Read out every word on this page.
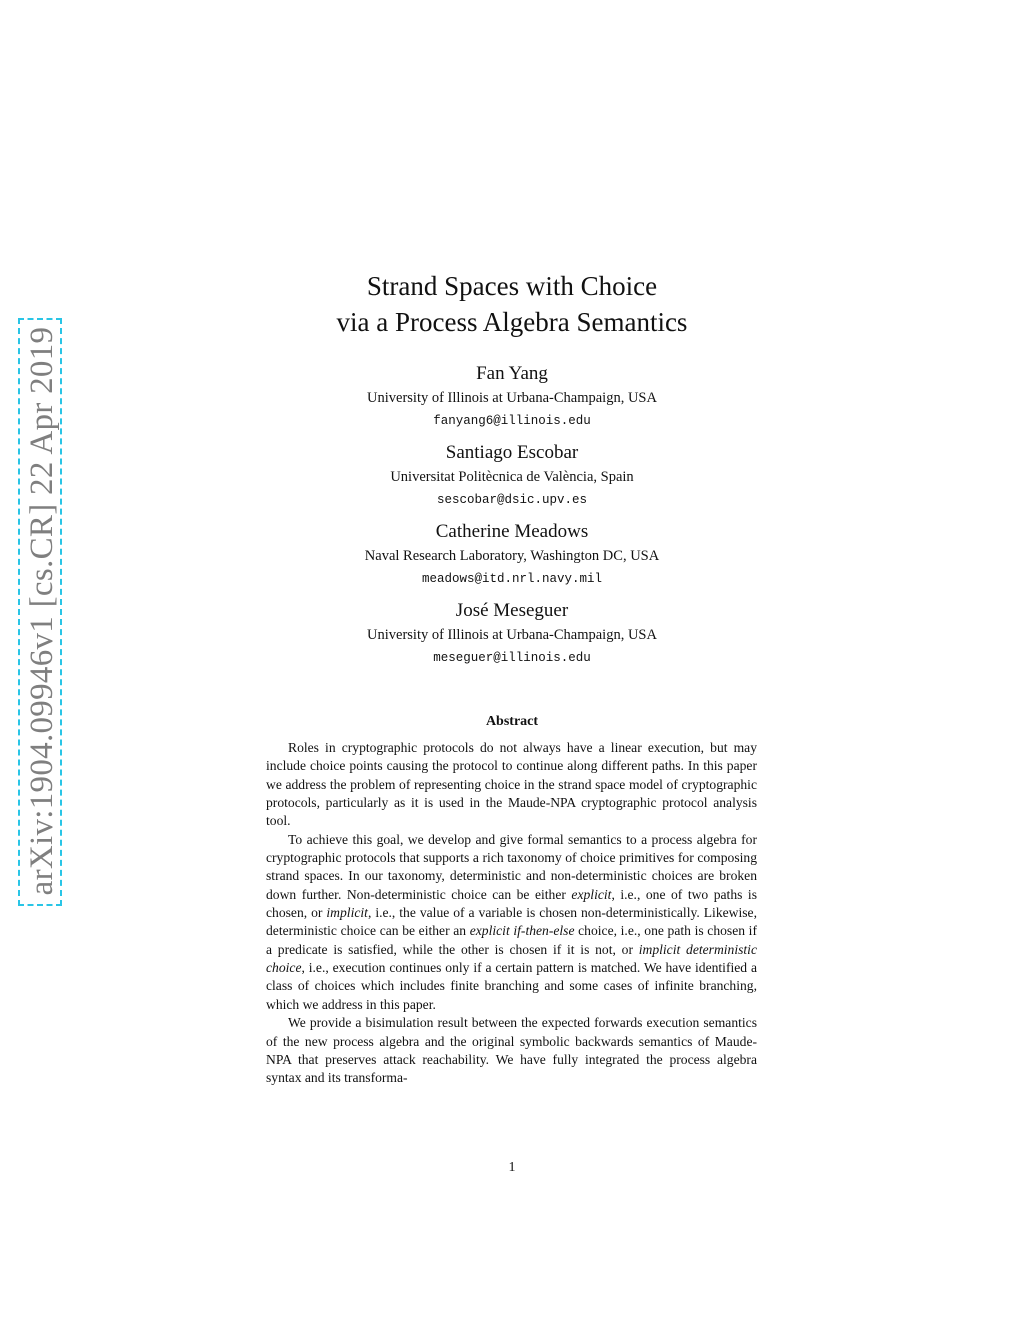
arXiv:1904.09946v1 [cs.CR] 22 Apr 2019
Strand Spaces with Choice
via a Process Algebra Semantics
Fan Yang
University of Illinois at Urbana-Champaign, USA
fanyang6@illinois.edu
Santiago Escobar
Universitat Politècnica de València, Spain
sescobar@dsic.upv.es
Catherine Meadows
Naval Research Laboratory, Washington DC, USA
meadows@itd.nrl.navy.mil
José Meseguer
University of Illinois at Urbana-Champaign, USA
meseguer@illinois.edu
Abstract

Roles in cryptographic protocols do not always have a linear execution, but may include choice points causing the protocol to continue along different paths. In this paper we address the problem of representing choice in the strand space model of cryptographic protocols, particularly as it is used in the Maude-NPA cryptographic protocol analysis tool.

To achieve this goal, we develop and give formal semantics to a process algebra for cryptographic protocols that supports a rich taxonomy of choice primitives for composing strand spaces. In our taxonomy, deterministic and non-deterministic choices are broken down further. Non-deterministic choice can be either explicit, i.e., one of two paths is chosen, or implicit, i.e., the value of a variable is chosen non-deterministically. Likewise, deterministic choice can be either an explicit if-then-else choice, i.e., one path is chosen if a predicate is satisfied, while the other is chosen if it is not, or implicit deterministic choice, i.e., execution continues only if a certain pattern is matched. We have identified a class of choices which includes finite branching and some cases of infinite branching, which we address in this paper.

We provide a bisimulation result between the expected forwards execution semantics of the new process algebra and the original symbolic backwards semantics of Maude-NPA that preserves attack reachability. We have fully integrated the process algebra syntax and its transforma-

1
